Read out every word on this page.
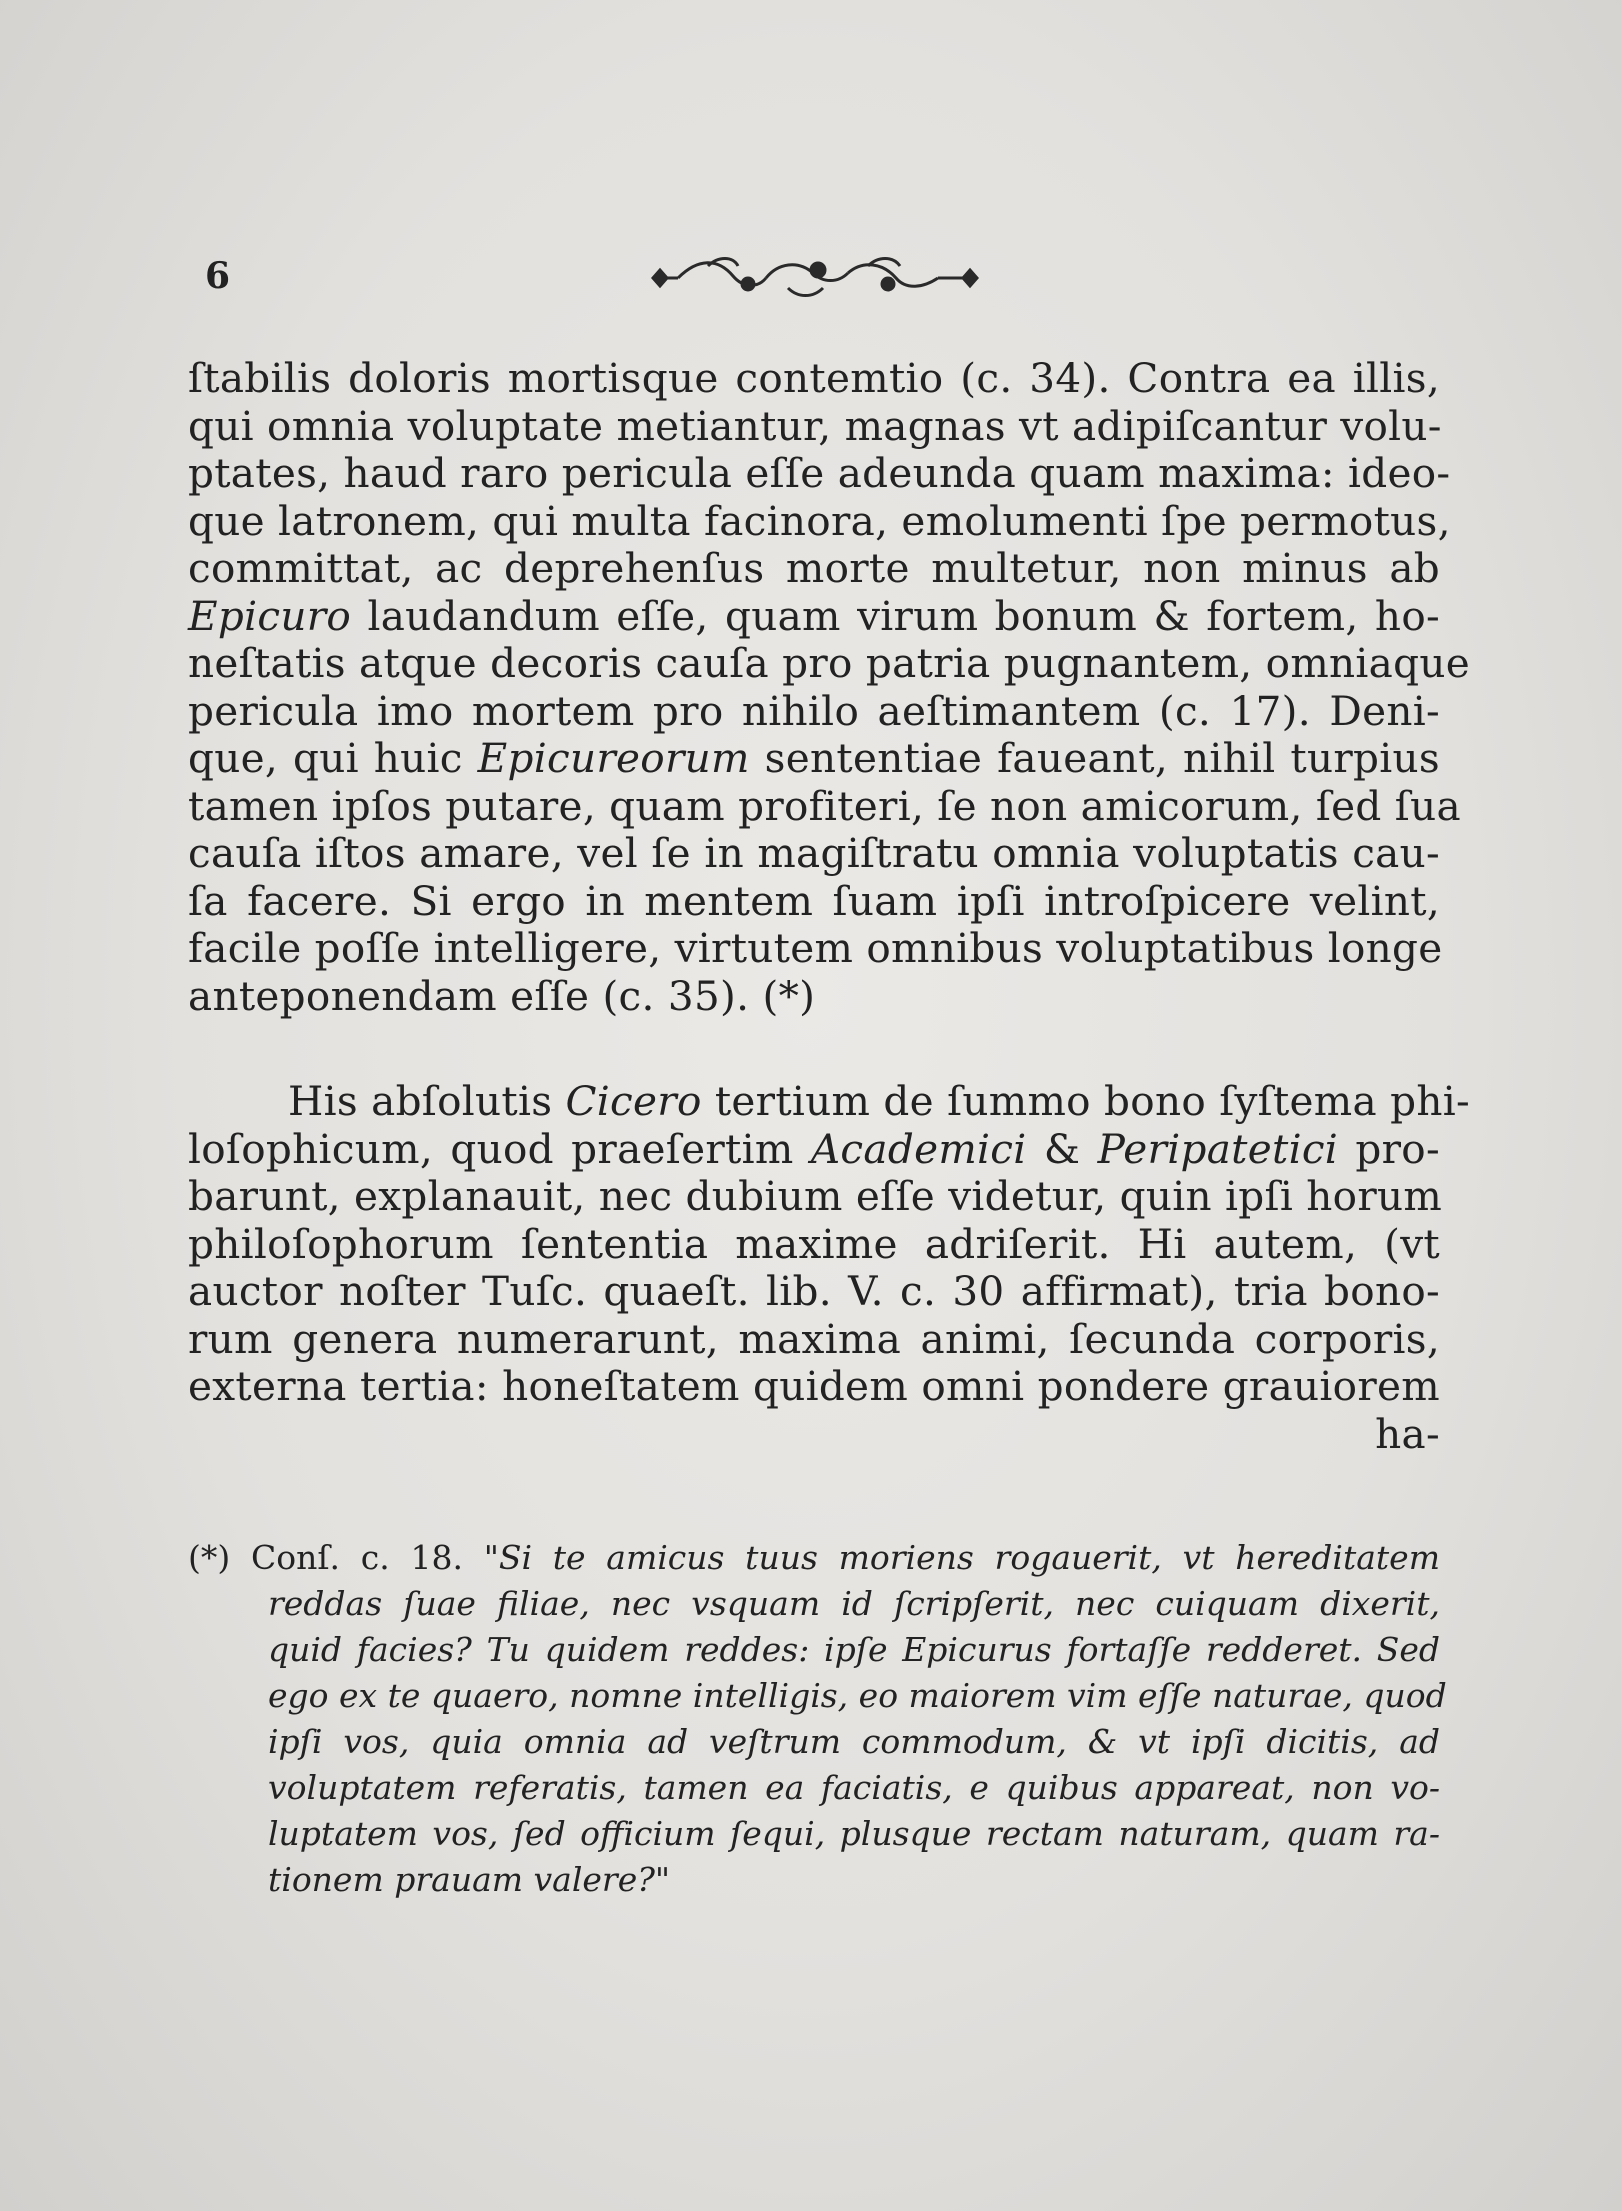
6
ſtabilis doloris mortisque contemtio (c. 34). Contra ea illis,
qui omnia voluptate metiantur, magnas vt adipiſcantur volu-
ptates, haud raro pericula eſſe adeunda quam maxima: ideo-
que latronem, qui multa facinora, emolumenti ſpe permotus,
committat, ac deprehenſus morte multetur, non minus ab
Epicuro laudandum eſſe, quam virum bonum & fortem, ho-
neſtatis atque decoris cauſa pro patria pugnantem, omniaque
pericula imo mortem pro nihilo aeſtimantem (c. 17). Deni-
que, qui huic Epicureorum sententiae faueant, nihil turpius
tamen ipſos putare, quam profiteri, ſe non amicorum, ſed ſua
cauſa iſtos amare, vel ſe in magiſtratu omnia voluptatis cau-
ſa facere. Si ergo in mentem ſuam ipſi introſpicere velint,
facile poſſe intelligere, virtutem omnibus voluptatibus longe
anteponendam eſſe (c. 35). (*)
His abſolutis Cicero tertium de ſummo bono ſyſtema phi-
loſophicum, quod praeſertim Academici & Peripatetici pro-
barunt, explanauit, nec dubium eſſe videtur, quin ipſi horum
philoſophorum ſententia maxime adriſerit. Hi autem, (vt
auctor noſter Tuſc. quaeſt. lib. V. c. 30 affirmat), tria bono-
rum genera numerarunt, maxima animi, ſecunda corporis,
externa tertia: honeſtatem quidem omni pondere grauiorem
ha-
(*) Conſ. c. 18. "Si te amicus tuus moriens rogauerit, vt hereditatem
reddas ſuae filiae, nec vsquam id ſcripſerit, nec cuiquam dixerit,
quid facies? Tu quidem reddes: ipſe Epicurus fortaſſe redderet. Sed
ego ex te quaero, nomne intelligis, eo maiorem vim eſſe naturae, quod
ipſi vos, quia omnia ad veſtrum commodum, & vt ipſi dicitis, ad
voluptatem referatis, tamen ea faciatis, e quibus appareat, non vo-
luptatem vos, ſed officium ſequi, plusque rectam naturam, quam ra-
tionem prauam valere?"
